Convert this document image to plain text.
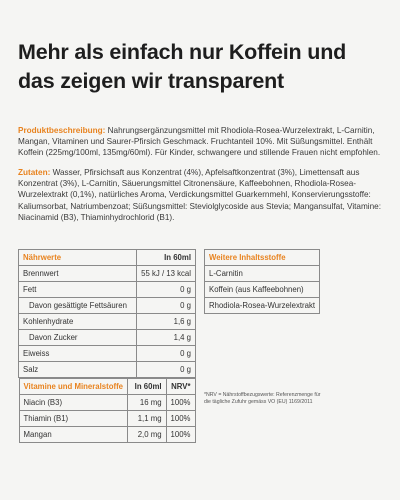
Mehr als einfach nur Koffein und das zeigen wir transparent

Produktbeschreibung: Nahrungsergänzungsmittel mit Rhodiola-Rosea-Wurzelextrakt, L-Carnitin, Mangan, Vitaminen und Saurer-Pfirsich Geschmack. Fruchtanteil 10%. Mit Süßungsmittel. Enthält Koffein (225mg/100ml, 135mg/60ml). Für Kinder, schwangere und stillende Frauen nicht empfohlen.

Zutaten: Wasser, Pfirsichsaft aus Konzentrat (4%), Apfelsaftkonzentrat (3%), Limettensaft aus Konzentrat (3%), L-Carnitin, Säuerungsmittel Citronensäure, Kaffeebohnen, Rhodiola-Rosea-Wurzelextrakt (0,1%), natürliches Aroma, Verdickungsmittel Guarkernmehl, Konservierungsstoffe: Kaliumsorbat, Natriumbenzoat; Süßungsmittel: Steviolglycoside aus Stevia; Mangansulfat, Vitamine: Niacinamid (B3), Thiaminhydrochlorid (B1).

Nährwerte	In 60ml
Brennwert	55 kJ / 13 kcal
Fett	0 g
Davon gesättigte Fettsäuren	0 g
Kohlenhydrate	1,6 g
Davon Zucker	1,4 g
Eiweiss	0 g
Salz	0 g

Vitamine und Mineralstoffe	In 60ml	NRV*
Niacin (B3)	16 mg	100%
Thiamin (B1)	1,1 mg	100%
Mangan	2,0 mg	100%
Weitere Inhaltsstoffe
L-Carnitin
Koffein (aus Kaffeebohnen)
Rhodiola-Rosea-Wurzelextrakt

*NRV = Nährstoffbezugswerte: Referenzmenge für die tägliche Zufuhr gemäss VO (EU) 1169/2011
